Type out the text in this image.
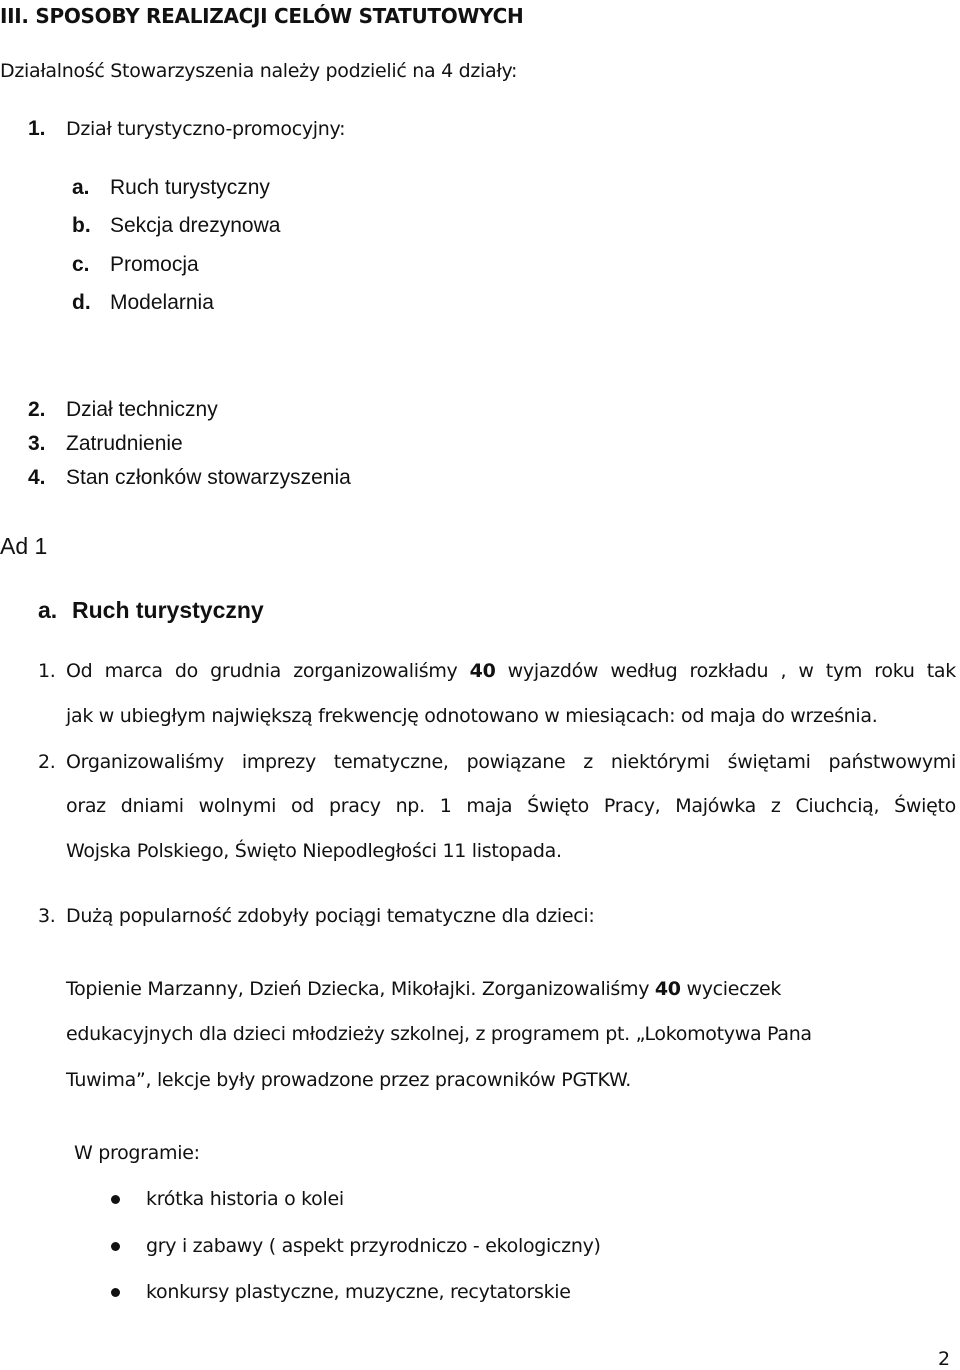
III. SPOSOBY REALIZACJI CELÓW STATUTOWYCH
Działalność Stowarzyszenia należy podzielić na 4 działy:
1. Dział turystyczno-promocyjny:
a. Ruch turystyczny
b. Sekcja drezynowa
c. Promocja
d. Modelarnia
2. Dział techniczny
3. Zatrudnienie
4. Stan członków stowarzyszenia
Ad 1
a. Ruch turystyczny
1. Od marca do grudnia zorganizowaliśmy 40 wyjazdów według rozkładu , w tym roku tak
jak w ubiegłym największą frekwencję odnotowano w miesiącach: od maja do września.
2. Organizowaliśmy imprezy tematyczne, powiązane z niektórymi świętami państwowymi
oraz dniami wolnymi od pracy np. 1 maja Święto Pracy, Majówka z Ciuchcią, Święto
Wojska Polskiego, Święto Niepodległości 11 listopada.
3. Dużą popularność zdobyły pociągi tematyczne dla dzieci:
Topienie Marzanny, Dzień Dziecka, Mikołajki. Zorganizowaliśmy 40 wycieczek
edukacyjnych dla dzieci młodzieży szkolnej, z programem pt. „Lokomotywa Pana
Tuwima”, lekcje były prowadzone przez pracowników PGTKW.
W programie:
krótka historia o kolei
gry i zabawy ( aspekt przyrodniczo - ekologiczny)
konkursy plastyczne, muzyczne, recytatorskie
2
